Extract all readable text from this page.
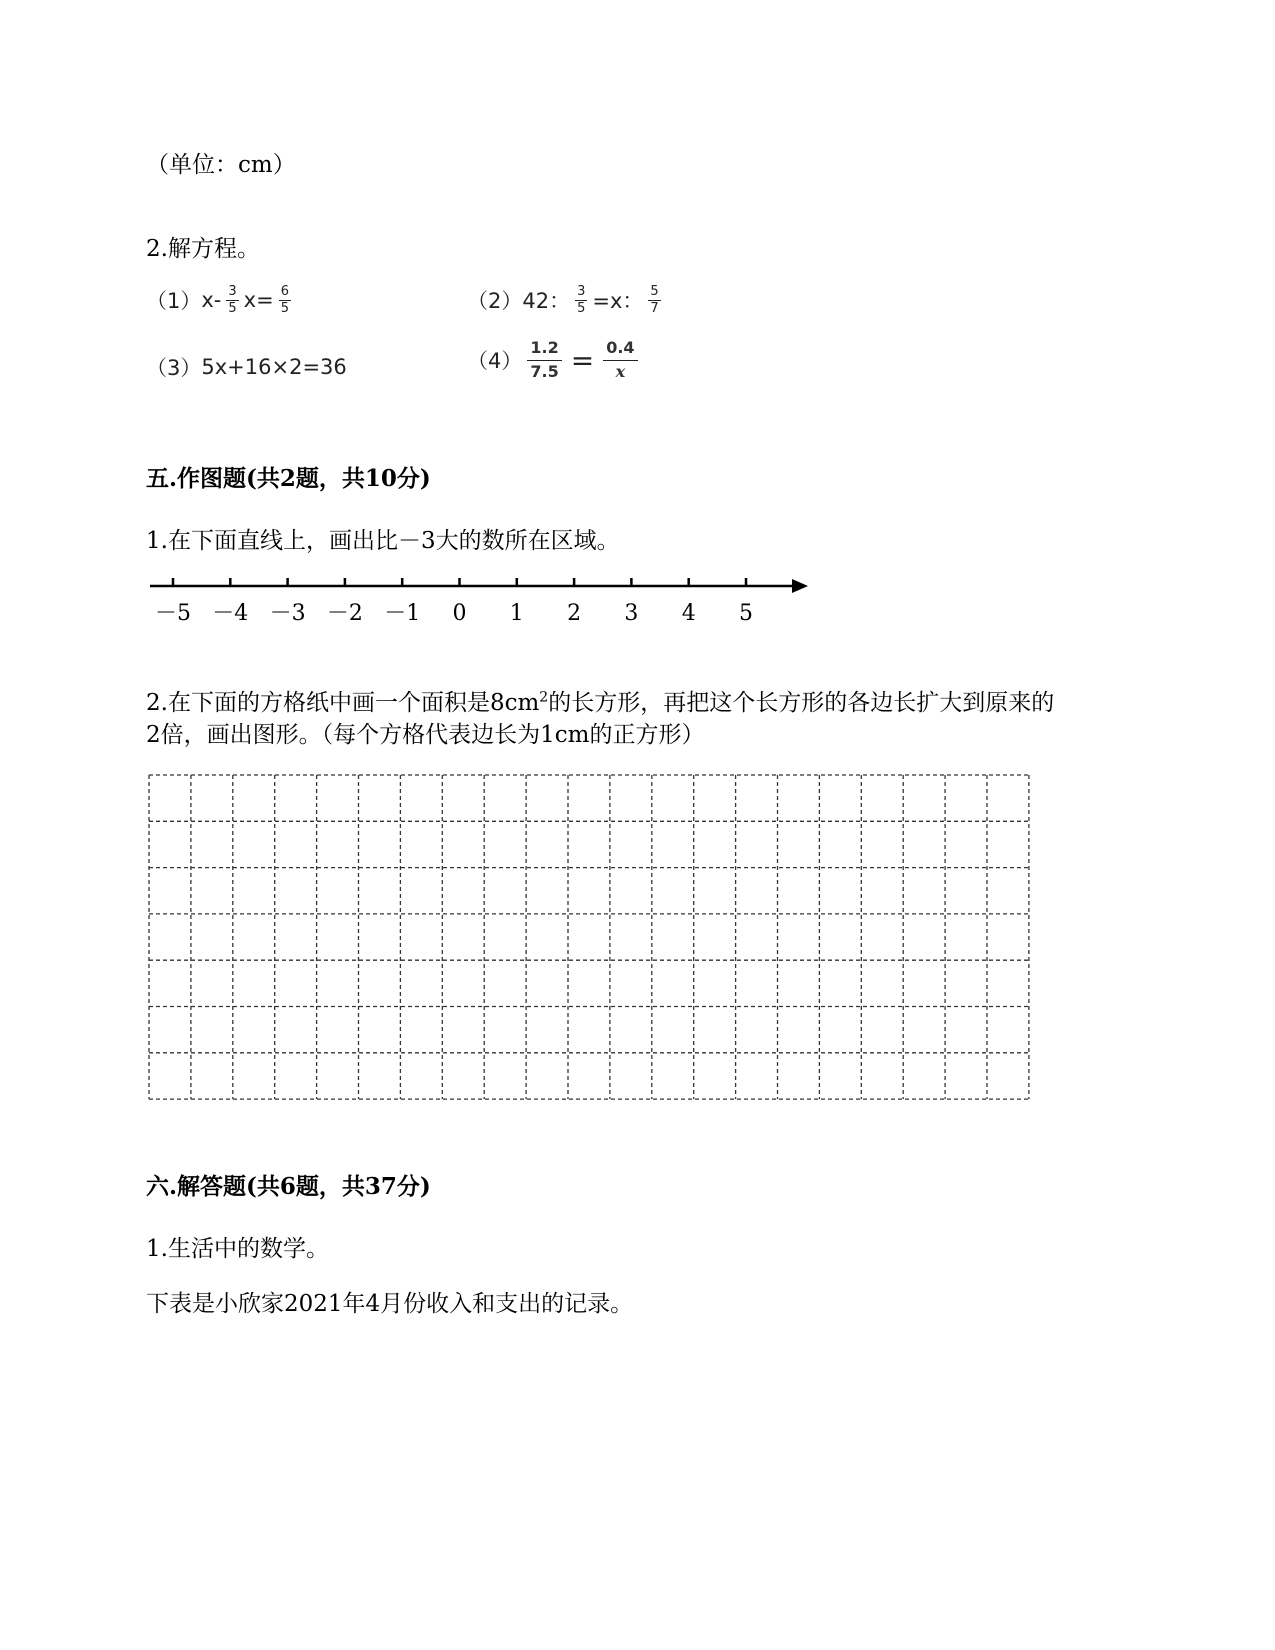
（单位：cm）
2.解方程。
（1） $x- \frac{3}{5} x= \frac{6}{5}$	（2） 42： $\frac{3}{5} =x$： $\frac{5}{7}$
（3） 5x+16×2=36	$(4) \frac{1.2}{7.5} = \frac{0.4}{x}$
五.作图题(共2题，共10分)
1.在下面直线上，画出比－3大的数所在区域。
－5 －4 －3 －2 －1 0 1 2 3 4 5
2.在下面的方格纸中画一个面积是$8cm^2$的长方形，再把这个长方形的各边长扩大到原来的
2倍，画出图形。（每个方格代表边长为1cm的正方形）
六.解答题(共6题，共37分)
1.生活中的数学。
下表是小欣家2021年4月份收入和支出的记录。
